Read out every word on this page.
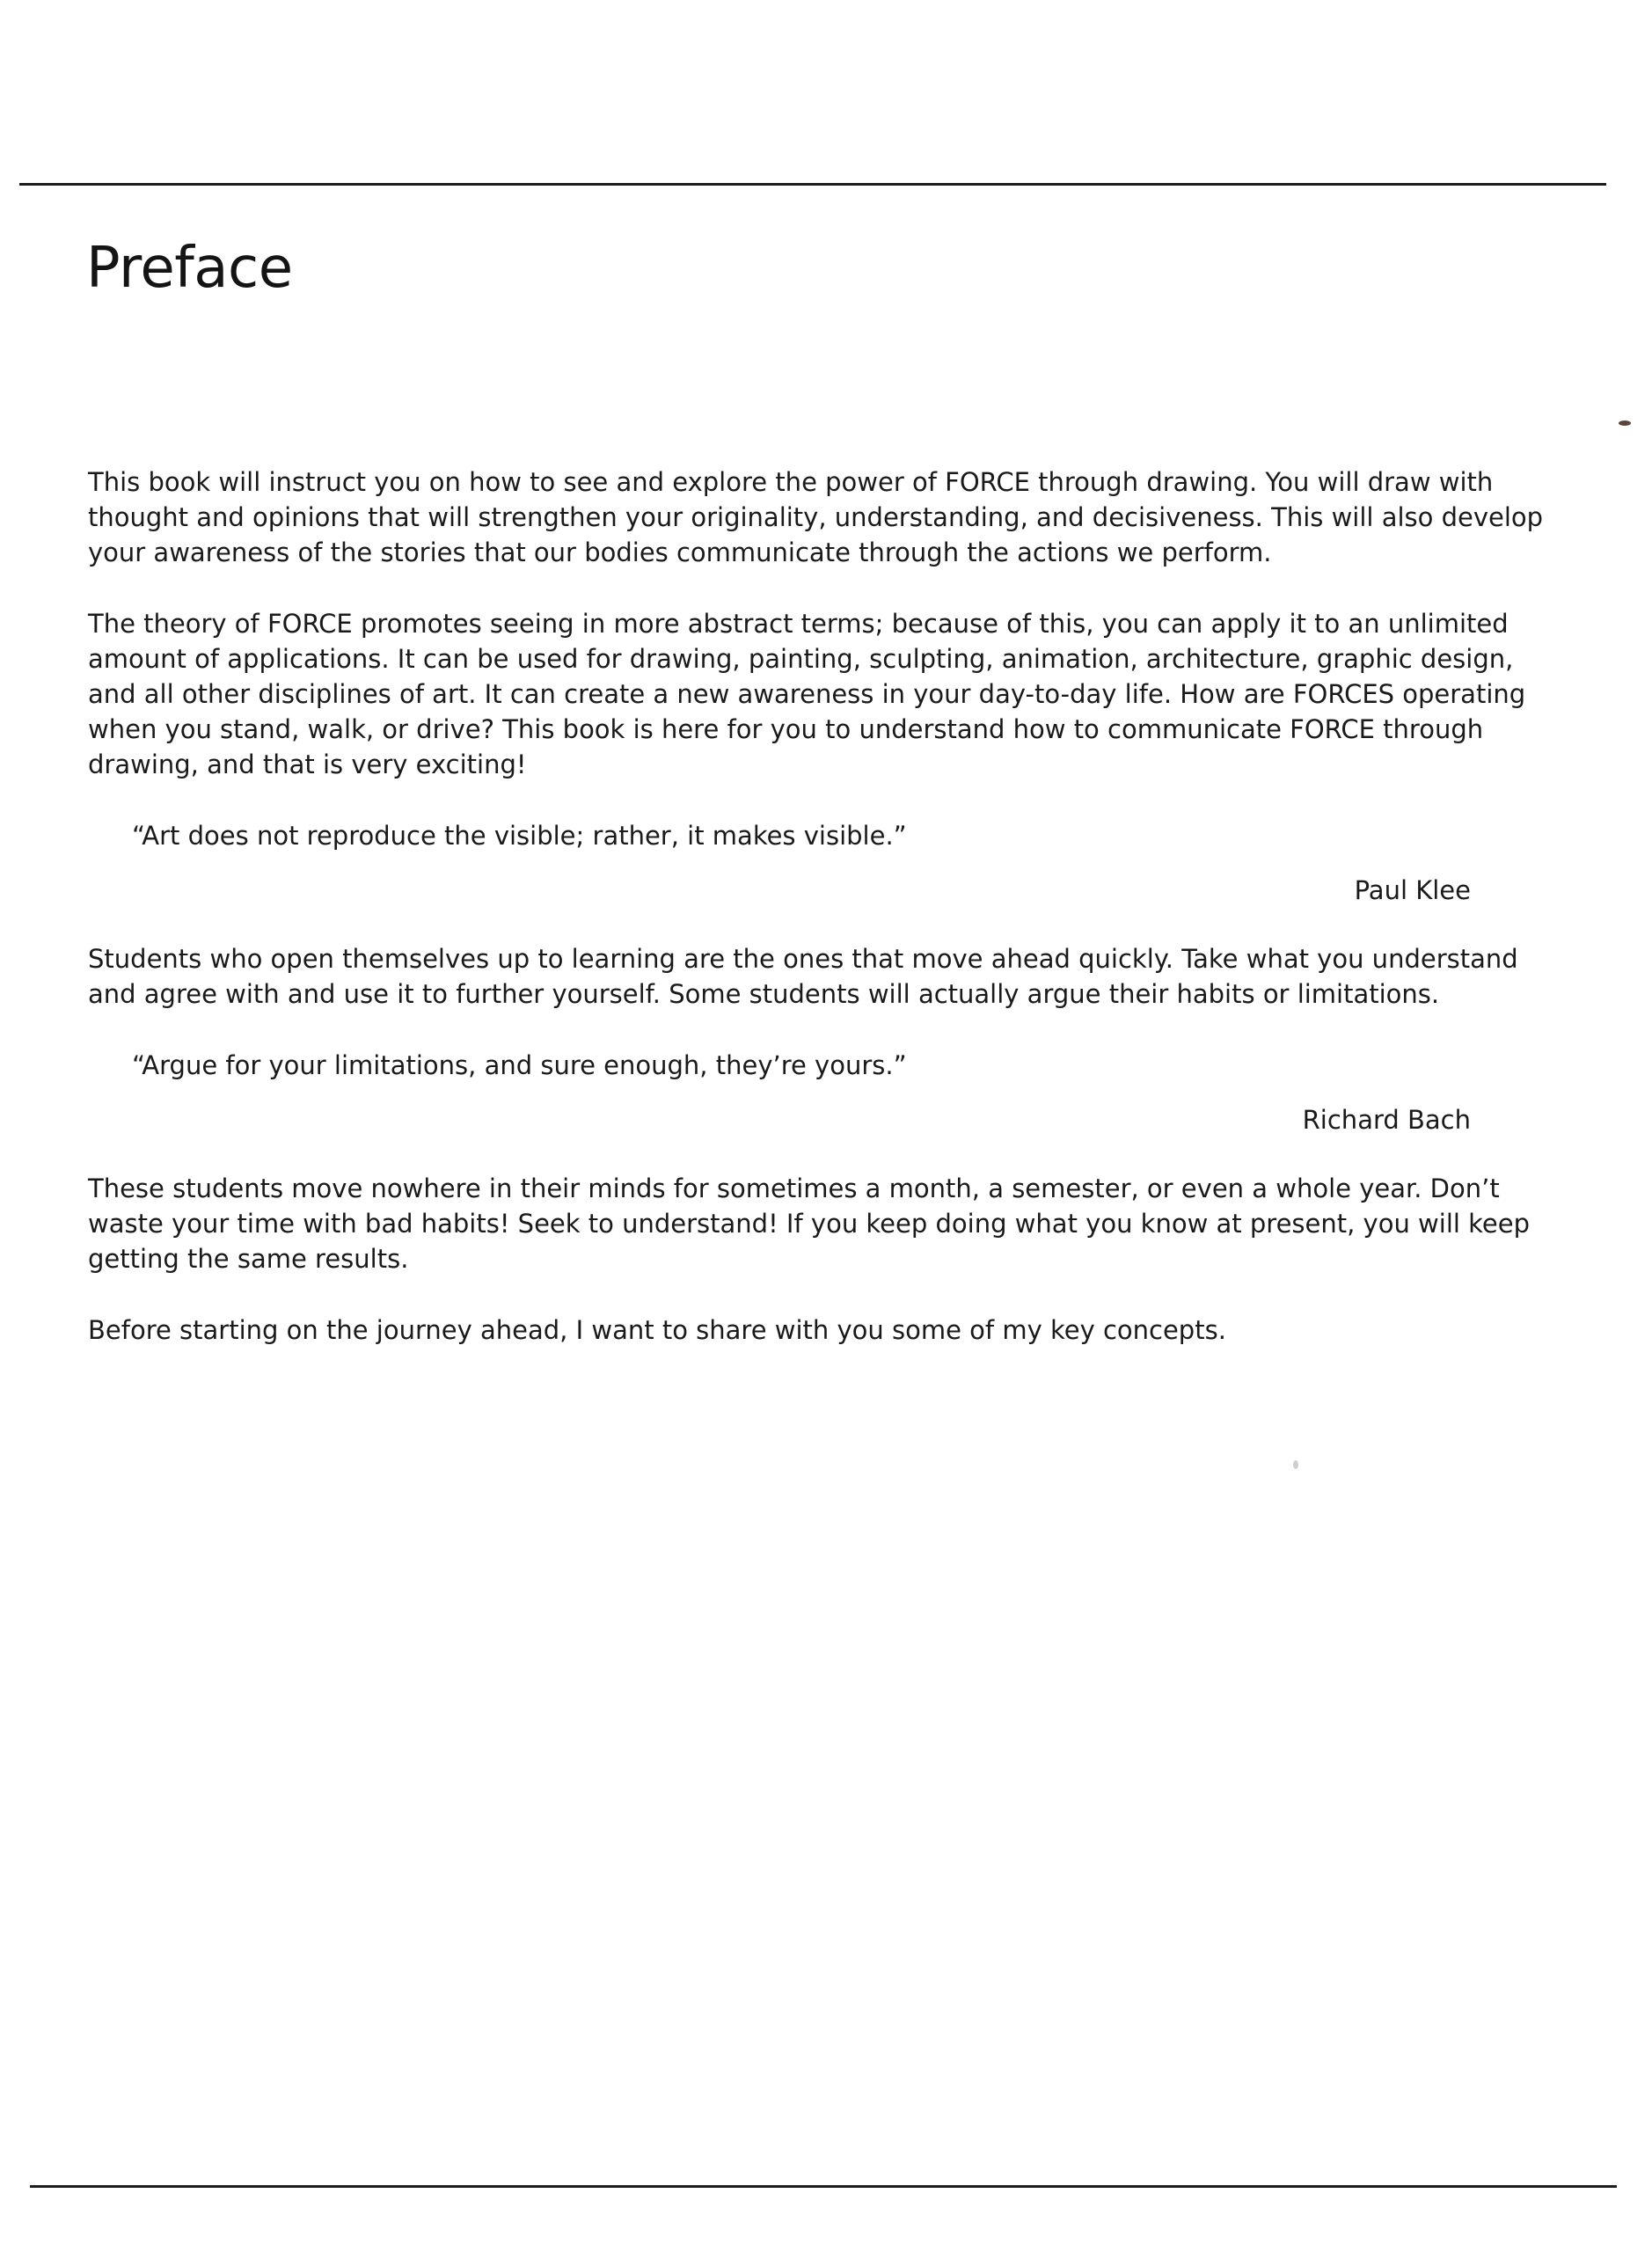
Preface

This book will instruct you on how to see and explore the power of FORCE through drawing. You will draw with thought and opinions that will strengthen your originality, understanding, and decisiveness. This will also develop your awareness of the stories that our bodies communicate through the actions we perform.

The theory of FORCE promotes seeing in more abstract terms; because of this, you can apply it to an unlimited amount of applications. It can be used for drawing, painting, sculpting, animation, architecture, graphic design, and all other disciplines of art. It can create a new awareness in your day-to-day life. How are FORCES operating when you stand, walk, or drive? This book is here for you to understand how to communicate FORCE through drawing, and that is very exciting!

“Art does not reproduce the visible; rather, it makes visible.”

Paul Klee

Students who open themselves up to learning are the ones that move ahead quickly. Take what you understand and agree with and use it to further yourself. Some students will actually argue their habits or limitations.

“Argue for your limitations, and sure enough, they’re yours.”

Richard Bach

These students move nowhere in their minds for sometimes a month, a semester, or even a whole year. Don’t waste your time with bad habits! Seek to understand! If you keep doing what you know at present, you will keep getting the same results.

Before starting on the journey ahead, I want to share with you some of my key concepts.
